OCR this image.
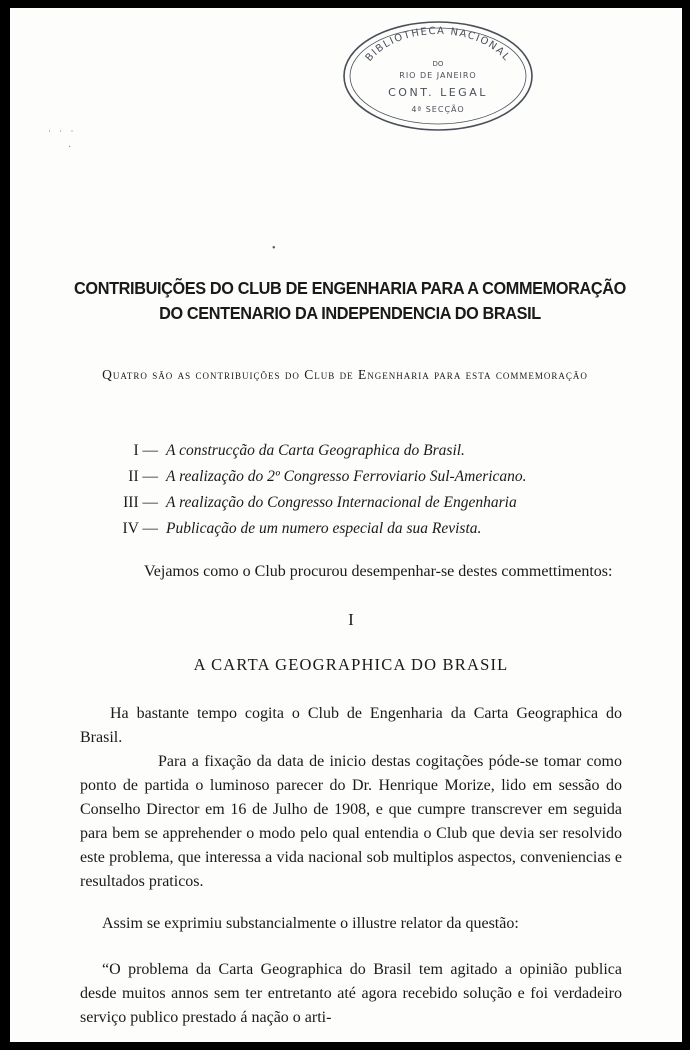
BIBLIOTHECA NACIONAL
DO
RIO DE JANEIRO
CONT. LEGAL
4ª SECÇÃO
· · ·
·
•
CONTRIBUIÇÕES DO CLUB DE ENGENHARIA PARA A COMMEMORAÇÃO DO CENTENARIO DA INDEPENDENCIA DO BRASIL
Quatro são as contribuições do Club de Engenharia para esta commemoração
I — A construcção da Carta Geographica do Brasil.
II — A realização do 2º Congresso Ferroviario Sul-Americano.
III — A realização do Congresso Internacional de Engenharia
IV — Publicação de um numero especial da sua Revista.
Vejamos como o Club procurou desempenhar-se destes commettimentos:
I
A CARTA GEOGRAPHICA DO BRASIL
Ha bastante tempo cogita o Club de Engenharia da Carta Geographica do Brasil.
Para a fixação da data de inicio destas cogitações póde-se tomar como ponto de partida o luminoso parecer do Dr. Henrique Morize, lido em sessão do Conselho Director em 16 de Julho de 1908, e que cumpre transcrever em seguida para bem se apprehender o modo pelo qual entendia o Club que devia ser resolvido este problema, que interessa a vida nacional sob multiplos aspectos, conveniencias e resultados praticos.
Assim se exprimiu substancialmente o illustre relator da questão:
“O problema da Carta Geographica do Brasil tem agitado a opinião publica desde muitos annos sem ter entretanto até agora recebido solução e foi verdadeiro serviço publico prestado á nação o arti-
